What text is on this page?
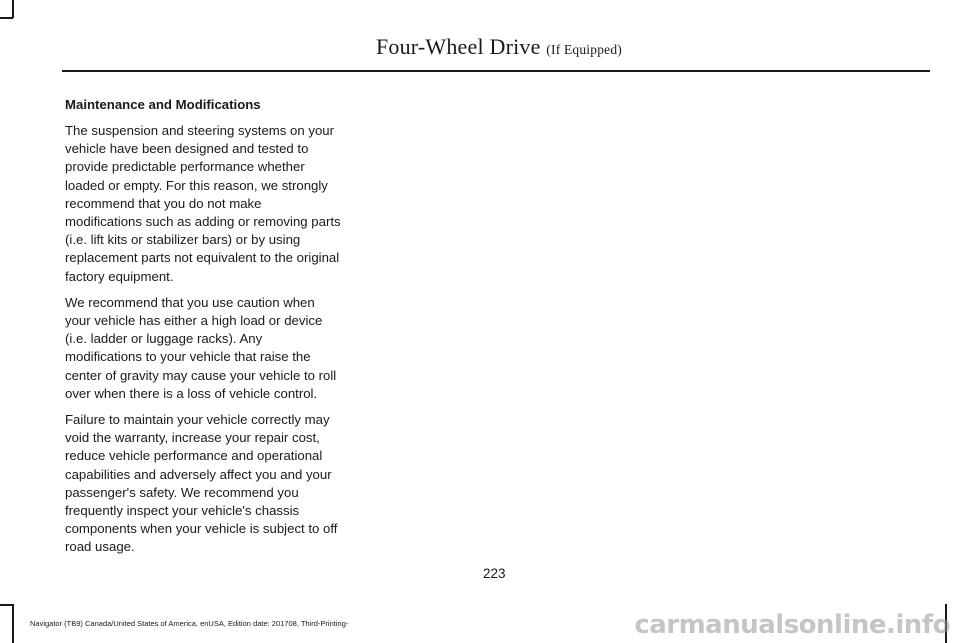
Four-Wheel Drive (If Equipped)
Maintenance and Modifications

The suspension and steering systems on your vehicle have been designed and tested to provide predictable performance whether loaded or empty. For this reason, we strongly recommend that you do not make modifications such as adding or removing parts (i.e. lift kits or stabilizer bars) or by using replacement parts not equivalent to the original factory equipment.

We recommend that you use caution when your vehicle has either a high load or device (i.e. ladder or luggage racks). Any modifications to your vehicle that raise the center of gravity may cause your vehicle to roll over when there is a loss of vehicle control.

Failure to maintain your vehicle correctly may void the warranty, increase your repair cost, reduce vehicle performance and operational capabilities and adversely affect you and your passenger's safety. We recommend you frequently inspect your vehicle's chassis components when your vehicle is subject to off road usage.

223
Navigator (TB9) Canada/United States of America, enUSA, Edition date: 201708, Third-Printing-	carmanualsonline.info
